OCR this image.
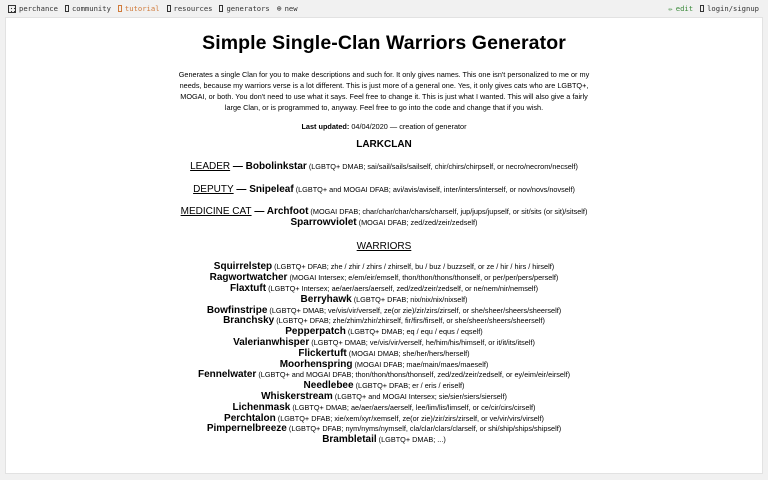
perchance community tutorial resources generators ⊕ new	✏ edit login/signup
Simple Single-Clan Warriors Generator

Generates a single Clan for you to make descriptions and such for. It only gives names. This one isn't personalized to me or my needs, because my warriors verse is a lot different. This is just more of a general one. Yes, it only gives cats who are LGBTQ+, MOGAI, or both. You don't need to use what it says. Feel free to change it. This is just what I wanted. This will also give a fairly large Clan, or is programmed to, anyway. Feel free to go into the code and change that if you wish.

Last updated: 04/04/2020 — creation of generator
LARKCLAN
LEADER — Bobolinkstar (LGBTQ+ DMAB; sai/sail/sails/sailself, chir/chirs/chirpself, or necro/necrom/necself)
DEPUTY — Snipeleaf (LGBTQ+ and MOGAI DFAB; avi/avis/aviself, inter/inters/interself, or nov/novs/novself)
MEDICINE CAT — Archfoot (MOGAI DFAB; char/char/char/chars/charself, jup/jups/jupself, or sit/sits (or sit)/sitself)
Sparrowviolet (MOGAI DFAB; zed/zed/zeir/zedself)
WARRIORS
Squirrelstep (LGBTQ+ DFAB; zhe / zhir / zhirs / zhirself, bu / buz / buzzself, or ze / hir / hirs / hirself)
Ragwortwatcher (MOGAI Intersex; e/em/eir/emself, thon/thon/thons/thonself, or per/per/pers/perself)
Flaxtuft (LGBTQ+ Intersex; ae/aer/aers/aerself, zed/zed/zeir/zedself, or ne/nem/nir/nemself)
Berryhawk (LGBTQ+ DFAB; nix/nix/nix/nixself)
Bowfinstripe (LGBTQ+ DMAB; ve/vis/vir/verself, ze(or zie)/zir/zirs/zirself, or she/sheer/sheers/sheerself)
Branchsky (LGBTQ+ DFAB; zhe/zhim/zhir/zhirself, fir/firs/firself, or she/sheer/sheers/sheerself)
Pepperpatch (LGBTQ+ DMAB; eq / equ / equs / eqself)
Valerianwhisper (LGBTQ+ DMAB; ve/vis/vir/verself, he/him/his/himself, or it/it/its/itself)
Flickertuft (MOGAI DMAB; she/her/hers/herself)
Moorhenspring (MOGAI DFAB; mae/main/maes/maeself)
Fennelwater (LGBTQ+ and MOGAI DFAB; thon/thon/thons/thonself, zed/zed/zeir/zedself, or ey/eim/eir/eirself)
Needlebee (LGBTQ+ DFAB; er / eris / eriself)
Whiskerstream (LGBTQ+ and MOGAI Intersex; sie/sier/siers/sierself)
Lichenmask (LGBTQ+ DMAB; ae/aer/aers/aerself, lee/lim/lis/limself, or ce/cir/cirs/cirself)
Perchtalon (LGBTQ+ DFAB; xie/xem/xyr/xemself, ze(or zie)/zir/zirs/zirself, or ve/vir/virs/virself)
Pimpernelbreeze (LGBTQ+ DFAB; nym/nyms/nymself, cla/clar/clars/clarself, or shi/ship/ships/shipself)
Brambletail (LGBTQ+ DMAB; ...)
